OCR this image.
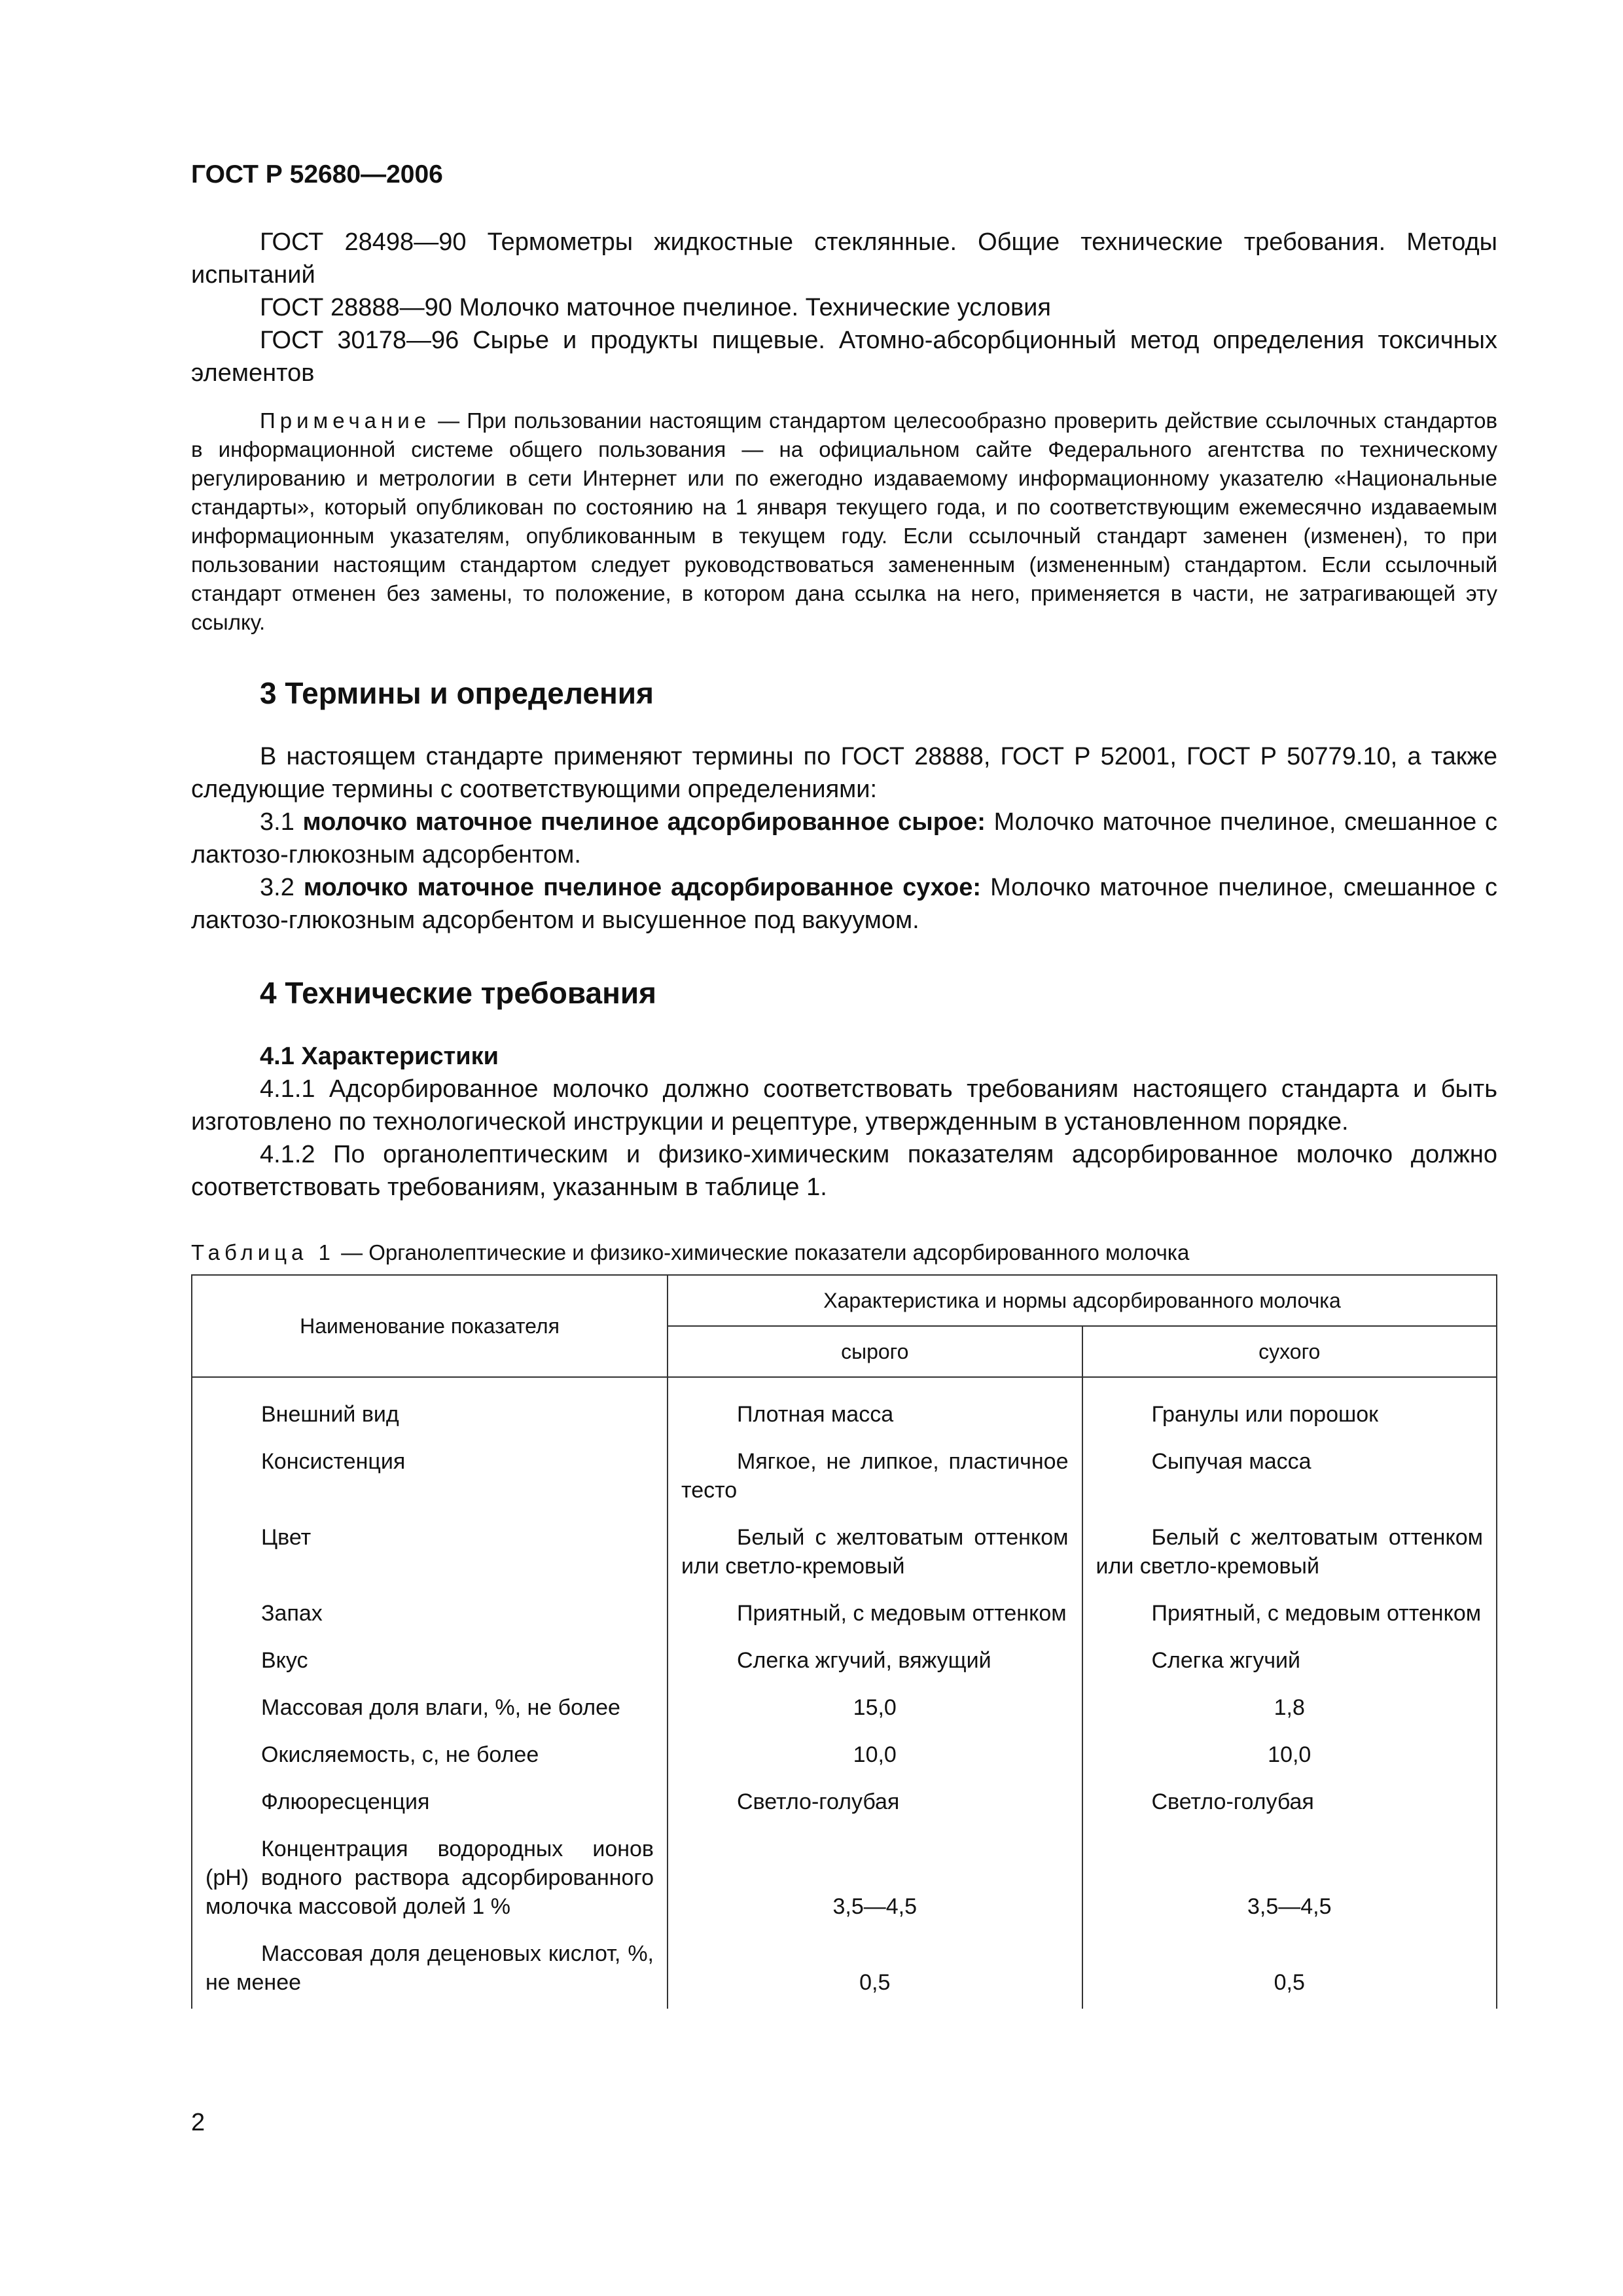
ГОСТ Р 52680—2006

ГОСТ 28498—90 Термометры жидкостные стеклянные. Общие технические требования. Методы испытаний

ГОСТ 28888—90 Молочко маточное пчелиное. Технические условия

ГОСТ 30178—96 Сырье и продукты пищевые. Атомно-абсорбционный метод определения токсичных элементов

Примечание — При пользовании настоящим стандартом целесообразно проверить действие ссылочных стандартов в информационной системе общего пользования — на официальном сайте Федерального агентства по техническому регулированию и метрологии в сети Интернет или по ежегодно издаваемому информационному указателю «Национальные стандарты», который опубликован по состоянию на 1 января текущего года, и по соответствующим ежемесячно издаваемым информационным указателям, опубликованным в текущем году. Если ссылочный стандарт заменен (изменен), то при пользовании настоящим стандартом следует руководствоваться замененным (измененным) стандартом. Если ссылочный стандарт отменен без замены, то положение, в котором дана ссылка на него, применяется в части, не затрагивающей эту ссылку.

3 Термины и определения

В настоящем стандарте применяют термины по ГОСТ 28888, ГОСТ Р 52001, ГОСТ Р 50779.10, а также следующие термины с соответствующими определениями:

3.1 молочко маточное пчелиное адсорбированное сырое: Молочко маточное пчелиное, смешанное с лактозо-глюкозным адсорбентом.

3.2 молочко маточное пчелиное адсорбированное сухое: Молочко маточное пчелиное, смешанное с лактозо-глюкозным адсорбентом и высушенное под вакуумом.

4 Технические требования
4.1 Характеристики

4.1.1 Адсорбированное молочко должно соответствовать требованиям настоящего стандарта и быть изготовлено по технологической инструкции и рецептуре, утвержденным в установленном порядке.

4.1.2 По органолептическим и физико-химическим показателям адсорбированное молочко должно соответствовать требованиям, указанным в таблице 1.

Таблица 1 — Органолептические и физико-химические показатели адсорбированного молочка
Наименование показателя	Характеристика и нормы адсорбированного молочка	
	сырого	сухого
Внешний вид	Плотная масса	Гранулы или порошок
Консистенция	Мягкое, не липкое, пластичное тесто	Сыпучая масса
Цвет	Белый с желтоватым оттенком или светло-кремовый	Белый с желтоватым оттенком или светло-кремовый
Запах	Приятный, с медовым оттенком	Приятный, с медовым оттенком
Вкус	Слегка жгучий, вяжущий	Слегка жгучий
Массовая доля влаги, %, не более	15,0	1,8
Окисляемость, с, не более	10,0	10,0
Флюоресценция	Светло-голубая	Светло-голубая
Концентрация водородных ионов (рН) водного раствора адсорбированного молочка массовой долей 1 %	3,5—4,5	3,5—4,5
Массовая доля деценовых кислот, %, не менее	0,5	0,5
2
